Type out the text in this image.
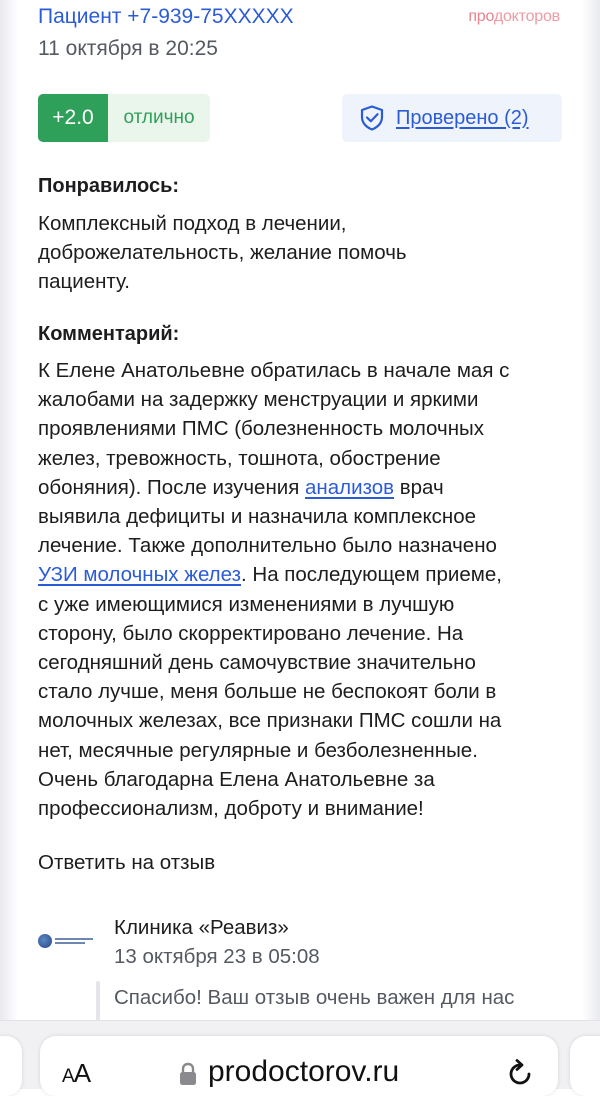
Пациент +7-939-75XXXXX	продокторов
11 октября в 20:25
+2.0	отлично	Проверено (2)
Понравилось:

Комплексный подход в лечении,

доброжелательность, желание помочь

пациенту.

Комментарий:

К Елене Анатольевне обратилась в начале мая с

жалобами на задержку менструации и яркими

проявлениями ПМС (болезненность молочных

желез, тревожность, тошнота, обострение

обоняния). После изучения анализов врач

выявила дефициты и назначила комплексное

лечение. Также дополнительно было назначено

УЗИ молочных желез. На последующем приеме,

с уже имеющимися изменениями в лучшую

сторону, было скорректировано лечение. На

сегодняшний день самочувствие значительно

стало лучше, меня больше не беспокоят боли в

молочных железах, все признаки ПМС сошли на

нет, месячные регулярные и безболезненные.

Очень благодарна Елена Анатольевне за

профессионализм, доброту и внимание!

Ответить на отзыв
Клиника «Реавиз»
13 октября 23 в 05:08

Спасибо! Ваш отзыв очень важен для нас

AA	prodoctorov.ru
